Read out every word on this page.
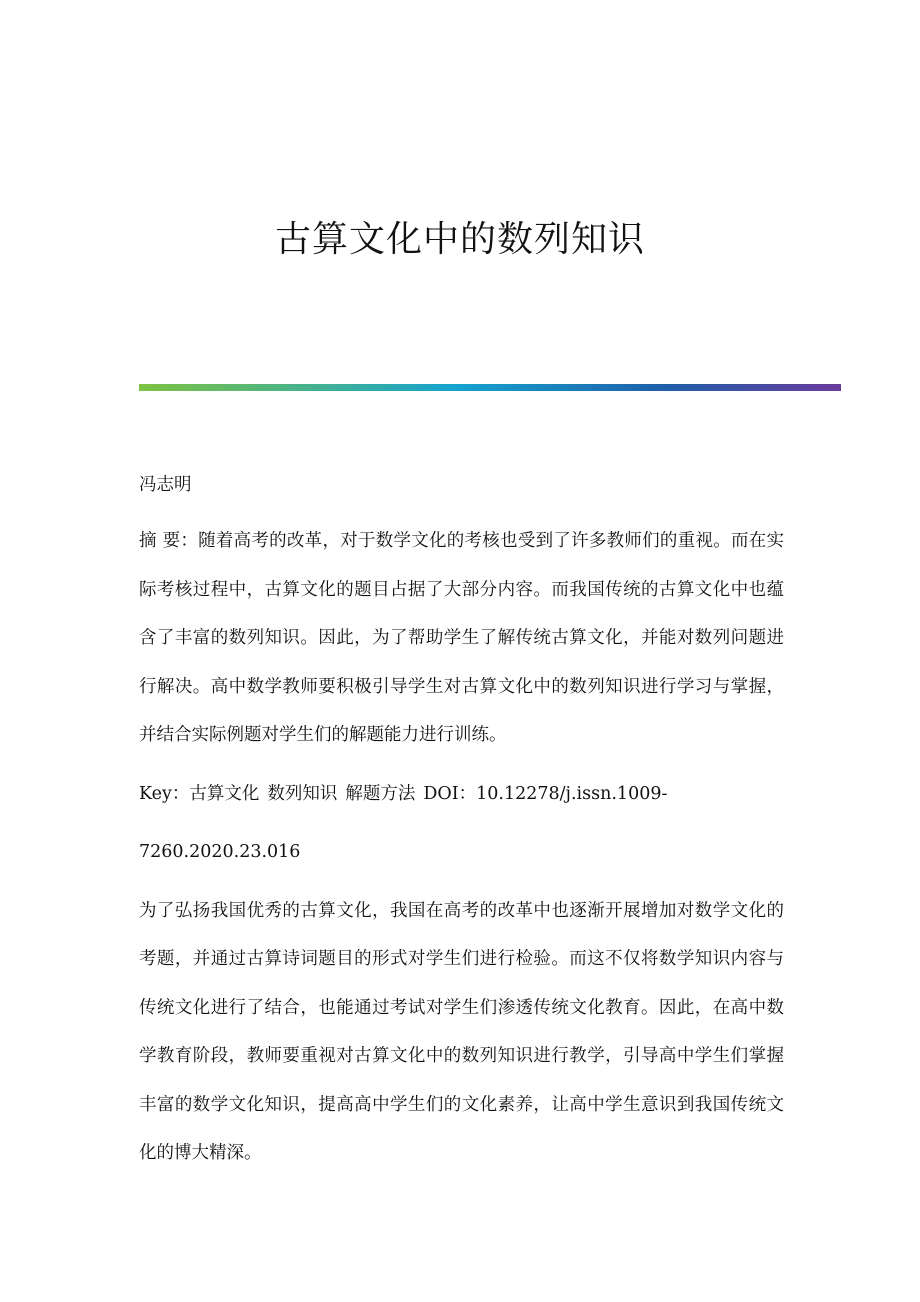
古算文化中的数列知识

冯志明

摘 要：随着高考的改革，对于数学文化的考核也受到了许多教师们的重视。而在实际考核过程中，古算文化的题目占据了大部分内容。而我国传统的古算文化中也蕴含了丰富的数列知识。因此，为了帮助学生了解传统古算文化，并能对数列问题进行解决。高中数学教师要积极引导学生对古算文化中的数列知识进行学习与掌握，并结合实际例题对学生们的解题能力进行训练。

Key：古算文化 数列知识 解题方法 DOI：10.12278/j.issn.1009-

7260.2020.23.016

为了弘扬我国优秀的古算文化，我国在高考的改革中也逐渐开展增加对数学文化的考题，并通过古算诗词题目的形式对学生们进行检验。而这不仅将数学知识内容与传统文化进行了结合，也能通过考试对学生们渗透传统文化教育。因此，在高中数学教育阶段，教师要重视对古算文化中的数列知识进行教学，引导高中学生们掌握丰富的数学文化知识，提高高中学生们的文化素养，让高中学生意识到我国传统文化的博大精深。
